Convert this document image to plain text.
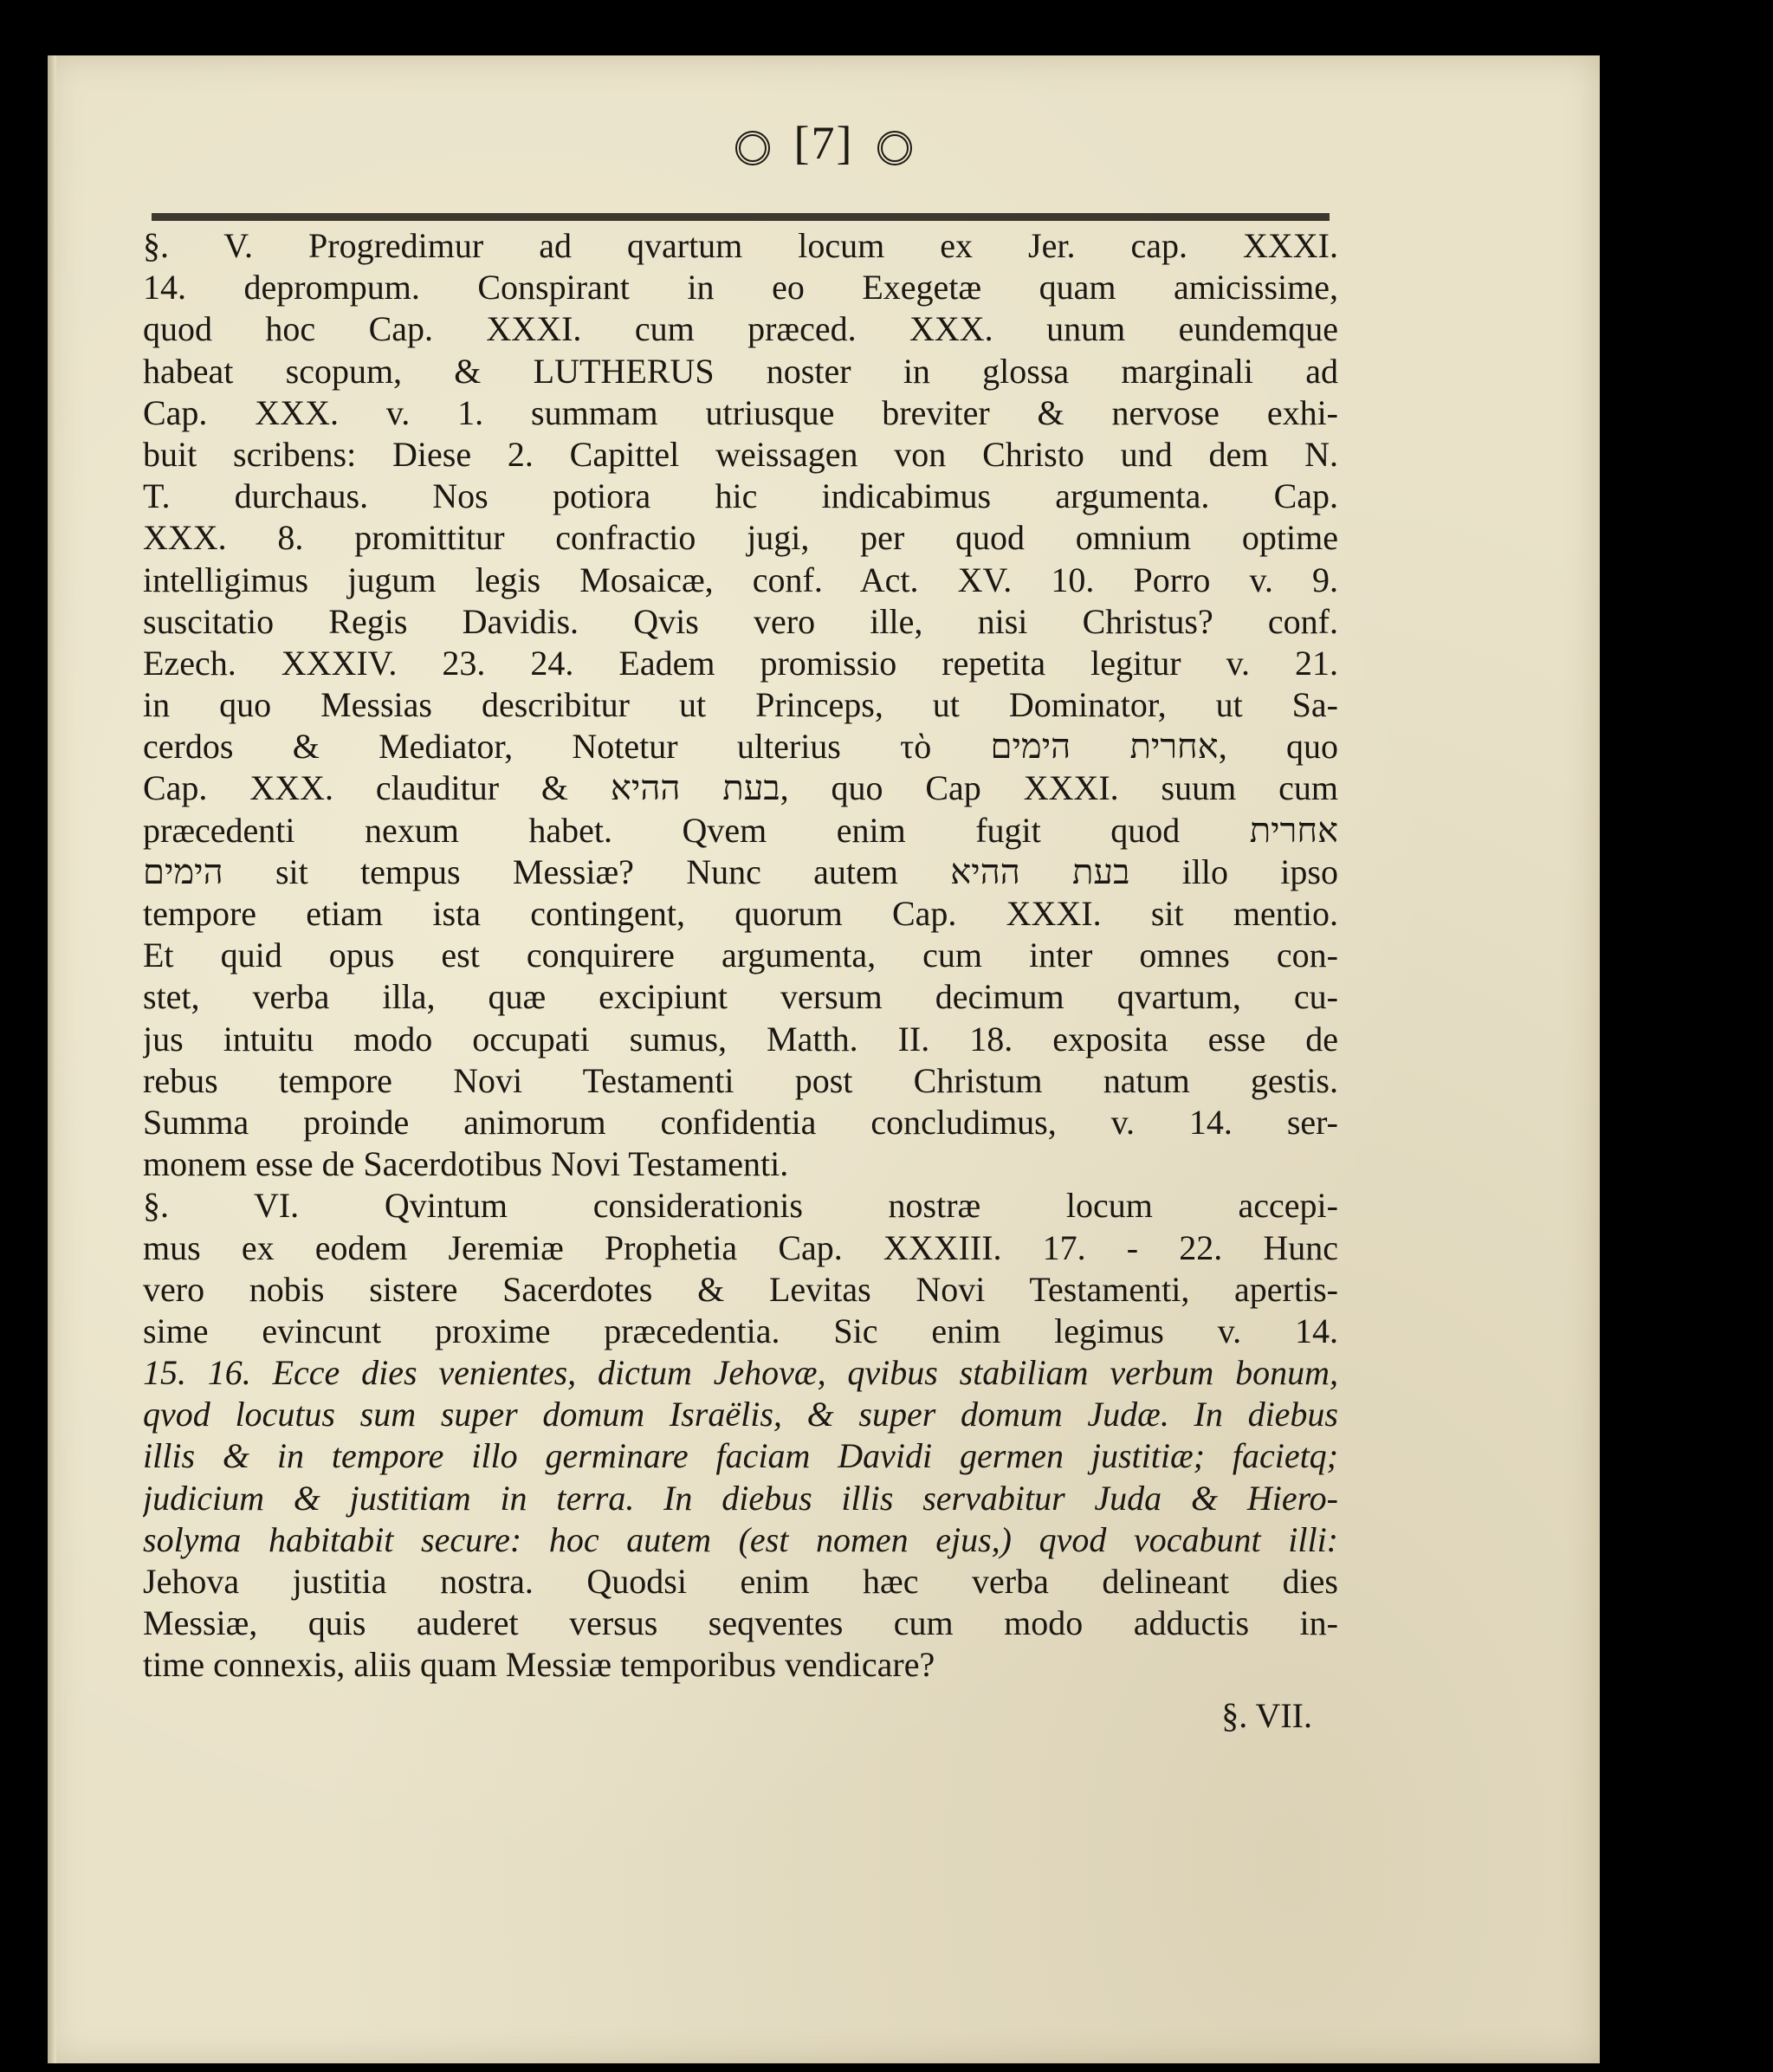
[7]
§. V. Progredimur ad qvartum locum ex Jer. cap. XXXI.
14. deprompum. Conspirant in eo Exegetæ quam amicissime,
quod hoc Cap. XXXI. cum præced. XXX. unum eundemque
habeat scopum, & LUTHERUS noster in glossa marginali ad
Cap. XXX. v. 1. summam utriusque breviter & nervose exhi-
buit scribens: Diese 2. Capittel weissagen von Christo und dem N.
T. durchaus. Nos potiora hic indicabimus argumenta. Cap.
XXX. 8. promittitur confractio jugi, per quod omnium optime
intelligimus jugum legis Mosaicæ, conf. Act. XV. 10. Porro v. 9.
suscitatio Regis Davidis. Qvis vero ille, nisi Christus? conf.
Ezech. XXXIV. 23. 24. Eadem promissio repetita legitur v. 21.
in quo Messias describitur ut Princeps, ut Dominator, ut Sa-
cerdos & Mediator, Notetur ulterius τὸ אחרית הימים, quo
Cap. XXX. clauditur & בעת ההיא, quo Cap XXXI. suum cum
præcedenti nexum habet. Qvem enim fugit quod אחרית
הימים sit tempus Messiæ? Nunc autem בעת ההיא illo ipso
tempore etiam ista contingent, quorum Cap. XXXI. sit mentio.
Et quid opus est conquirere argumenta, cum inter omnes con-
stet, verba illa, quæ excipiunt versum decimum qvartum, cu-
jus intuitu modo occupati sumus, Matth. II. 18. exposita esse de
rebus tempore Novi Testamenti post Christum natum gestis.
Summa proinde animorum confidentia concludimus, v. 14. ser-
monem esse de Sacerdotibus Novi Testamenti.
§. VI. Qvintum considerationis nostræ locum accepi-
mus ex eodem Jeremiæ Prophetia Cap. XXXIII. 17. - 22. Hunc
vero nobis sistere Sacerdotes & Levitas Novi Testamenti, apertis-
sime evincunt proxime præcedentia. Sic enim legimus v. 14.
15. 16. Ecce dies venientes, dictum Jehovæ, qvibus stabiliam verbum bonum,
qvod locutus sum super domum Israëlis, & super domum Judæ. In diebus
illis & in tempore illo germinare faciam Davidi germen justitiæ; facietq;
judicium & justitiam in terra. In diebus illis servabitur Juda & Hiero-
solyma habitabit secure: hoc autem (est nomen ejus,) qvod vocabunt illi:
Jehova justitia nostra. Quodsi enim hæc verba delineant dies
Messiæ, quis auderet versus seqventes cum modo adductis in-
time connexis, aliis quam Messiæ temporibus vendicare?
§. VII.
